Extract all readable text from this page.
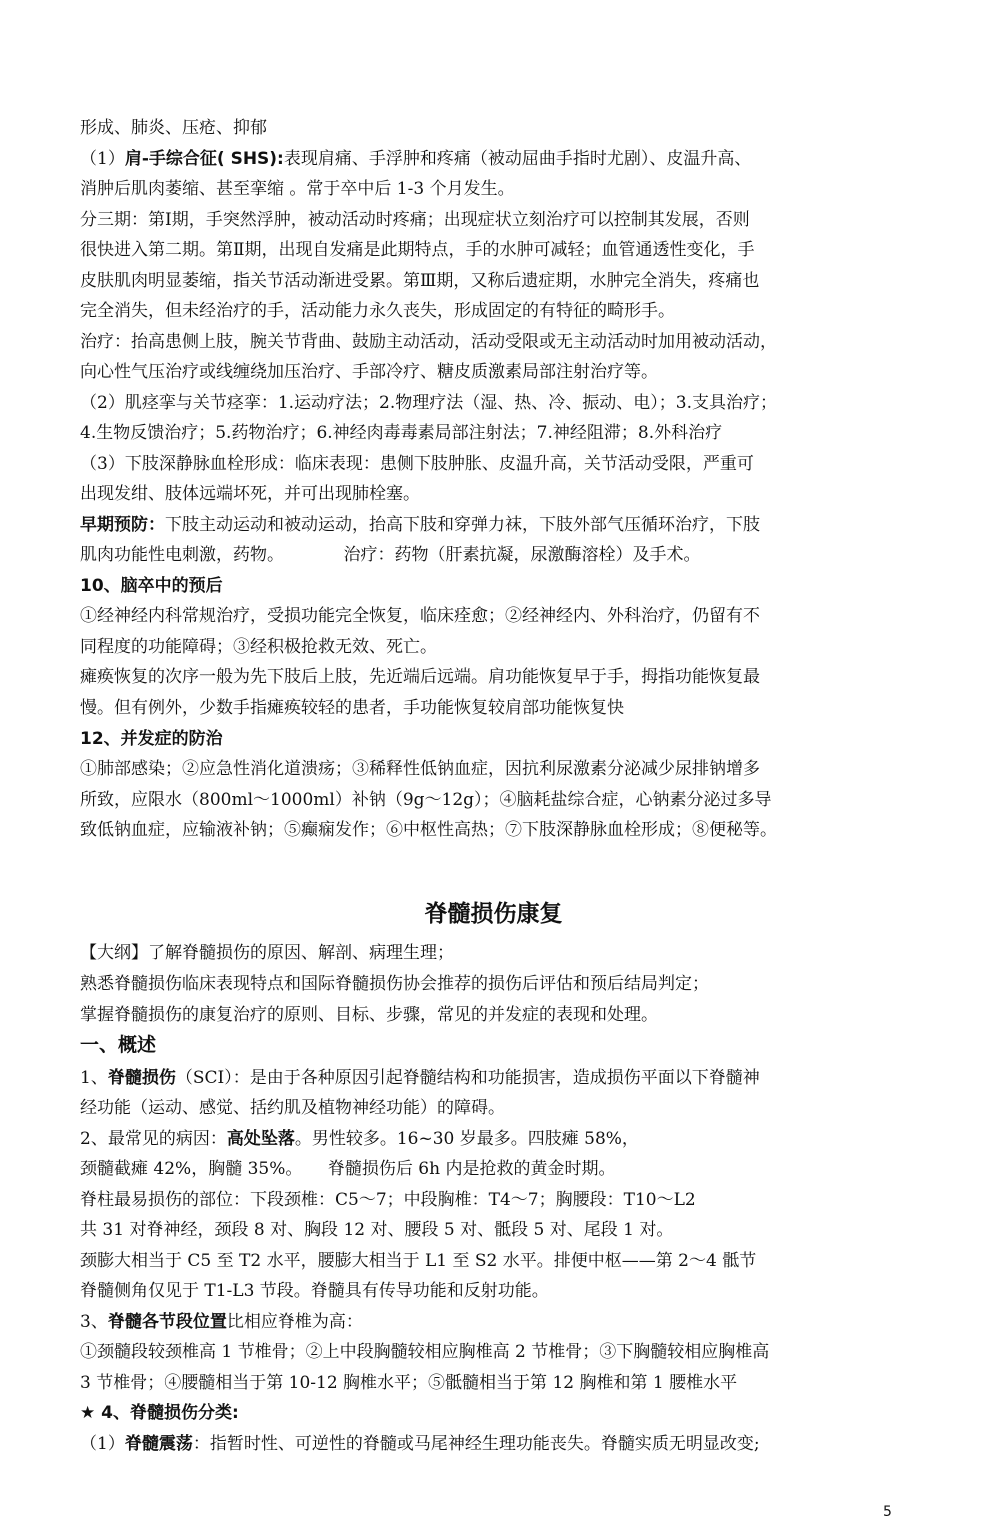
形成、肺炎、压疮、抑郁
（1）肩-手综合征( SHS):表现肩痛、手浮肿和疼痛（被动屈曲手指时尤剧）、皮温升高、
消肿后肌肉萎缩、甚至挛缩 。常于卒中后 1-3 个月发生。
分三期：第Ⅰ期，手突然浮肿，被动活动时疼痛；出现症状立刻治疗可以控制其发展，否则
很快进入第二期。第Ⅱ期，出现自发痛是此期特点，手的水肿可减轻；血管通透性变化，手
皮肤肌肉明显萎缩，指关节活动渐进受累。第Ⅲ期，又称后遗症期，水肿完全消失，疼痛也
完全消失，但未经治疗的手，活动能力永久丧失，形成固定的有特征的畸形手。
治疗：抬高患侧上肢，腕关节背曲、鼓励主动活动，活动受限或无主动活动时加用被动活动，
向心性气压治疗或线缠绕加压治疗、手部冷疗、糖皮质激素局部注射治疗等。
（2）肌痉挛与关节痉挛：1.运动疗法；2.物理疗法（湿、热、冷、振动、电）；3.支具治疗；
4.生物反馈治疗；5.药物治疗；6.神经肉毒毒素局部注射法；7.神经阻滞；8.外科治疗
（3）下肢深静脉血栓形成：临床表现：患侧下肢肿胀、皮温升高，关节活动受限，严重可
出现发绀、肢体远端坏死，并可出现肺栓塞。
早期预防：下肢主动运动和被动运动，抬高下肢和穿弹力袜，下肢外部气压循环治疗，下肢
肌肉功能性电刺激，药物。　　　　治疗：药物（肝素抗凝，尿激酶溶栓）及手术。
10、脑卒中的预后
①经神经内科常规治疗，受损功能完全恢复，临床痊愈；②经神经内、外科治疗，仍留有不
同程度的功能障碍；③经积极抢救无效、死亡。
瘫痪恢复的次序一般为先下肢后上肢，先近端后远端。肩功能恢复早于手，拇指功能恢复最
慢。但有例外，少数手指瘫痪较轻的患者，手功能恢复较肩部功能恢复快
12、并发症的防治
①肺部感染；②应急性消化道溃疡；③稀释性低钠血症，因抗利尿激素分泌减少尿排钠增多
所致，应限水（800ml～1000ml）补钠（9g～12g）；④脑耗盐综合症，心钠素分泌过多导
致低钠血症，应输液补钠；⑤癫痫发作；⑥中枢性高热；⑦下肢深静脉血栓形成；⑧便秘等。
脊髓损伤康复
【大纲】了解脊髓损伤的原因、解剖、病理生理；
熟悉脊髓损伤临床表现特点和国际脊髓损伤协会推荐的损伤后评估和预后结局判定；
掌握脊髓损伤的康复治疗的原则、目标、步骤，常见的并发症的表现和处理。
一、概述
1、脊髓损伤（SCI）：是由于各种原因引起脊髓结构和功能损害，造成损伤平面以下脊髓神
经功能（运动、感觉、括约肌及植物神经功能）的障碍。
2、最常见的病因：高处坠落。男性较多。16~30 岁最多。四肢瘫 58%，
颈髓截瘫 42%，胸髓 35%。　　脊髓损伤后 6h 内是抢救的黄金时期。
脊柱最易损伤的部位：下段颈椎：C5～7；中段胸椎：T4～7；胸腰段：T10～L2
共 31 对脊神经，颈段 8 对、胸段 12 对、腰段 5 对、骶段 5 对、尾段 1 对。
颈膨大相当于 C5 至 T2 水平，腰膨大相当于 L1 至 S2 水平。排便中枢——第 2～4 骶节
脊髓侧角仅见于 T1-L3 节段。脊髓具有传导功能和反射功能。
3、脊髓各节段位置比相应脊椎为高：
①颈髓段较颈椎高 1 节椎骨；②上中段胸髓较相应胸椎高 2 节椎骨；③下胸髓较相应胸椎高
3 节椎骨；④腰髓相当于第 10-12 胸椎水平；⑤骶髓相当于第 12 胸椎和第 1 腰椎水平
★ 4、脊髓损伤分类:
（1）脊髓震荡：指暂时性、可逆性的脊髓或马尾神经生理功能丧失。脊髓实质无明显改变;
5
